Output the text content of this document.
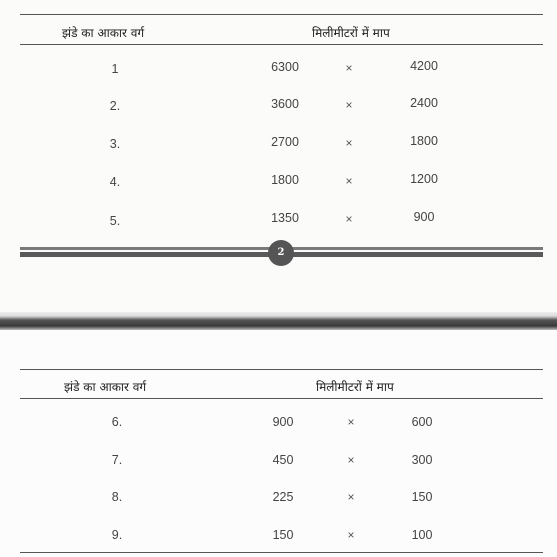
झंडे का आकार वर्ग	मिलीमीटरों में माप
1	6300	×	4200
2.	3600	×	2400
3.	2700	×	1800
4.	1800	×	1200
5.	1350	×	900
2
झंडे का आकार वर्ग	मिलीमीटरों में माप
6.	900	×	600
7.	450	×	300
8.	225	×	150
9.	150	×	100
